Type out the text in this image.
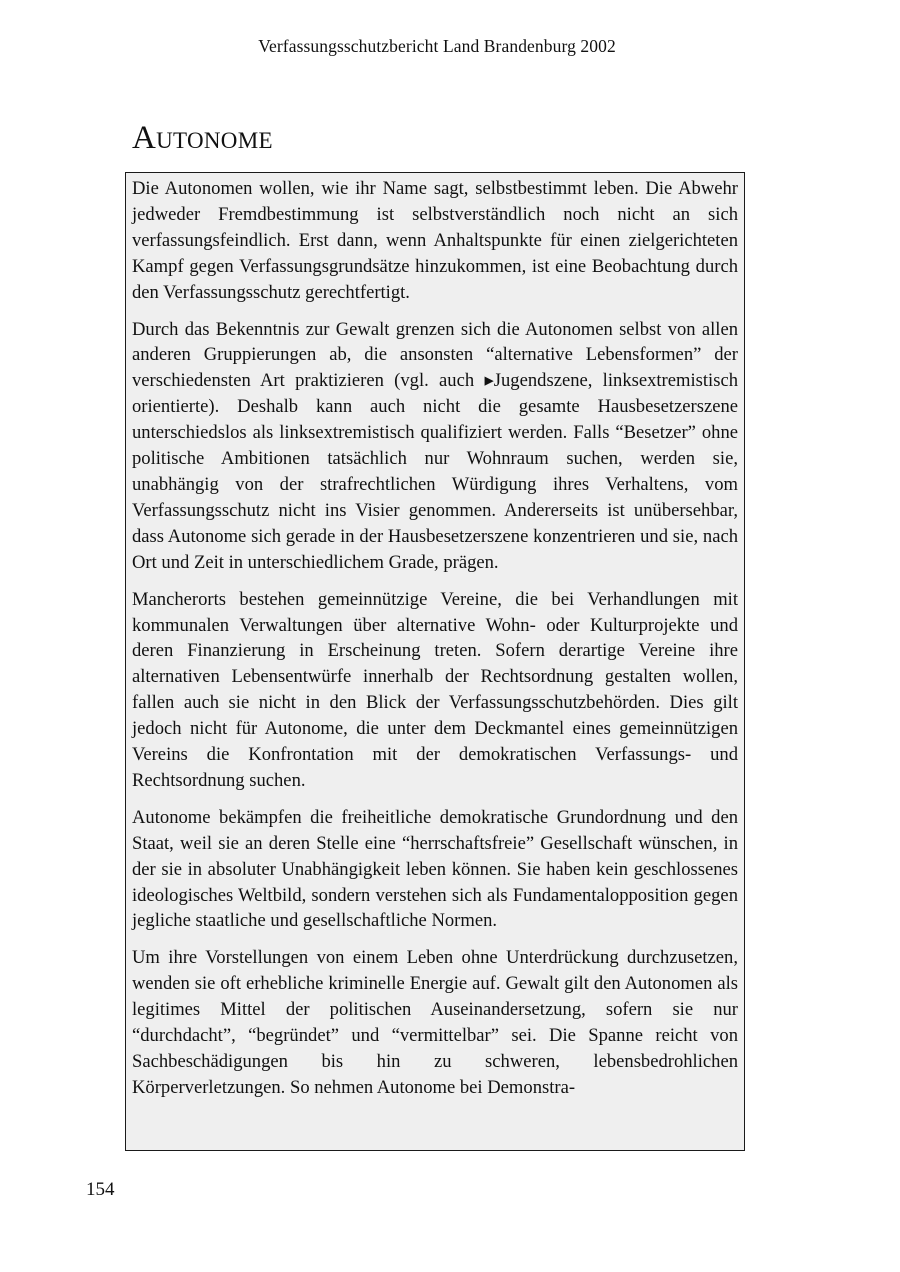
Verfassungsschutzbericht Land Brandenburg 2002
Autonome

Die Autonomen wollen, wie ihr Name sagt, selbstbestimmt leben. Die Abwehr jedweder Fremdbestimmung ist selbstverständlich noch nicht an sich verfassungsfeindlich. Erst dann, wenn Anhaltspunkte für einen zielgerichteten Kampf gegen Verfassungsgrundsätze hinzukommen, ist eine Beobachtung durch den Verfassungsschutz gerechtfertigt.

Durch das Bekenntnis zur Gewalt grenzen sich die Autonomen selbst von allen anderen Gruppierungen ab, die ansonsten “alternative Lebensformen” der verschiedensten Art praktizieren (vgl. auch ▸Jugendszene, linksextremistisch orientierte). Deshalb kann auch nicht die gesamte Hausbesetzerszene unterschiedslos als linksextremistisch qualifiziert werden. Falls “Besetzer” ohne politische Ambitionen tatsächlich nur Wohnraum suchen, werden sie, unabhängig von der strafrechtlichen Würdigung ihres Verhaltens, vom Verfassungsschutz nicht ins Visier genommen. Andererseits ist unübersehbar, dass Autonome sich gerade in der Hausbesetzerszene konzentrieren und sie, nach Ort und Zeit in unterschiedlichem Grade, prägen.

Mancherorts bestehen gemeinnützige Vereine, die bei Verhandlungen mit kommunalen Verwaltungen über alternative Wohn- oder Kulturprojekte und deren Finanzierung in Erscheinung treten. Sofern derartige Vereine ihre alternativen Lebensentwürfe innerhalb der Rechtsordnung gestalten wollen, fallen auch sie nicht in den Blick der Verfassungsschutzbehörden. Dies gilt jedoch nicht für Autonome, die unter dem Deckmantel eines gemeinnützigen Vereins die Konfrontation mit der demokratischen Verfassungs- und Rechtsordnung suchen.

Autonome bekämpfen die freiheitliche demokratische Grundordnung und den Staat, weil sie an deren Stelle eine “herrschaftsfreie” Gesellschaft wünschen, in der sie in absoluter Unabhängigkeit leben können. Sie haben kein geschlossenes ideologisches Weltbild, sondern verstehen sich als Fundamentalopposition gegen jegliche staatliche und gesellschaftliche Normen.

Um ihre Vorstellungen von einem Leben ohne Unterdrückung durchzusetzen, wenden sie oft erhebliche kriminelle Energie auf. Gewalt gilt den Autonomen als legitimes Mittel der politischen Auseinandersetzung, sofern sie nur “durchdacht”, “begründet” und “vermittelbar” sei. Die Spanne reicht von Sachbeschädigungen bis hin zu schweren, lebensbedrohlichen Körperverletzungen. So nehmen Autonome bei Demonstra-

154
